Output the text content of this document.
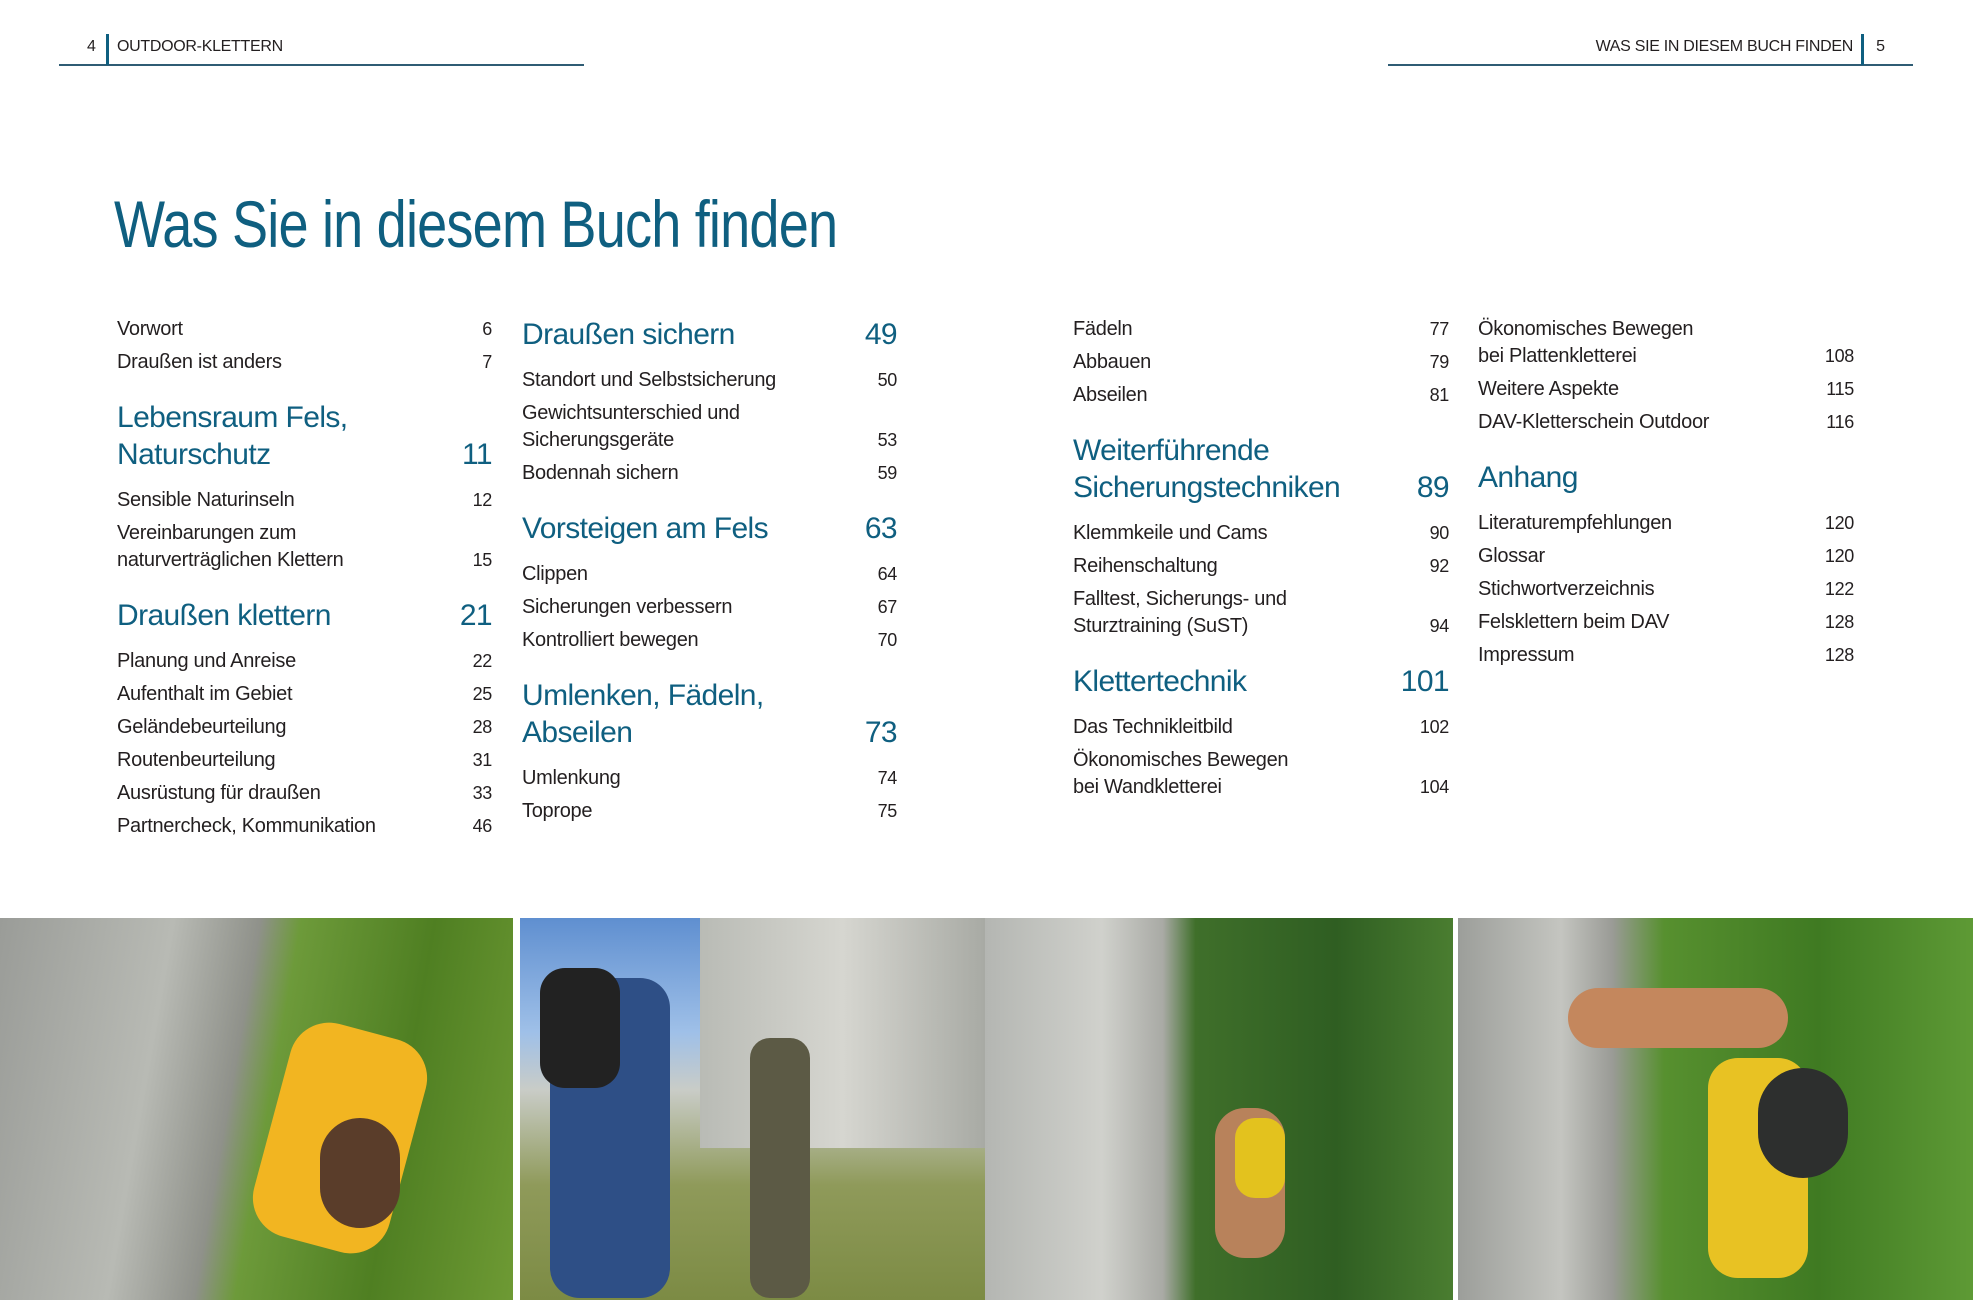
4 OUTDOOR-KLETTERN	WAS SIE IN DIESEM BUCH FINDEN 5
Was Sie in diesem Buch finden
Vorwort	6
Draußen ist anders	7
Lebensraum Fels,
Naturschutz	11
Sensible Naturinseln	12
Vereinbarungen zum
naturverträglichen Klettern	15
Draußen klettern	21
Planung und Anreise	22
Aufenthalt im Gebiet	25
Geländebeurteilung	28
Routenbeurteilung	31
Ausrüstung für draußen	33
Partnercheck, Kommunikation	46
Draußen sichern	49
Standort und Selbstsicherung	50
Gewichtsunterschied und
Sicherungsgeräte	53
Bodennah sichern	59
Vorsteigen am Fels	63
Clippen	64
Sicherungen verbessern	67
Kontrolliert bewegen	70
Umlenken, Fädeln,
Abseilen	73
Umlenkung	74
Toprope	75
Fädeln	77
Abbauen	79
Abseilen	81
Weiterführende
Sicherungstechniken	89
Klemmkeile und Cams	90
Reihenschaltung	92
Falltest, Sicherungs- und
Sturztraining (SuST)	94
Klettertechnik	101
Das Technikleitbild	102
Ökonomisches Bewegen
bei Wandkletterei	104
Ökonomisches Bewegen
bei Plattenkletterei	108
Weitere Aspekte	115
DAV-Kletterschein Outdoor	116
Anhang
Literaturempfehlungen	120
Glossar	120
Stichwortverzeichnis	122
Felsklettern beim DAV	128
Impressum	128
